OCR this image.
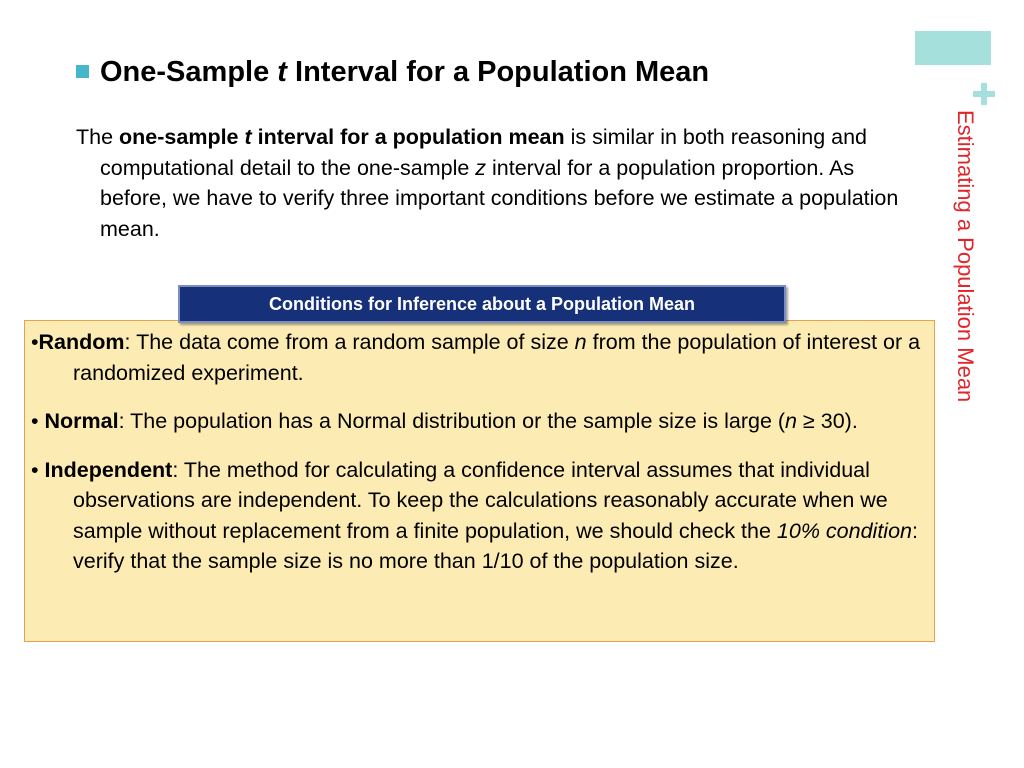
Estimating a Population Mean
One-Sample t Interval for a Population Mean
The one-sample t interval for a population mean is similar in both reasoning and computational detail to the one-sample z interval for a population proportion. As before, we have to verify three important conditions before we estimate a population mean.
•Random: The data come from a random sample of size n from the population of interest or a randomized experiment.
• Normal: The population has a Normal distribution or the sample size is large (n ≥ 30).
• Independent: The method for calculating a confidence interval assumes that individual observations are independent. To keep the calculations reasonably accurate when we sample without replacement from a finite population, we should check the 10% condition: verify that the sample size is no more than 1/10 of the population size.
Conditions for Inference about a Population Mean
